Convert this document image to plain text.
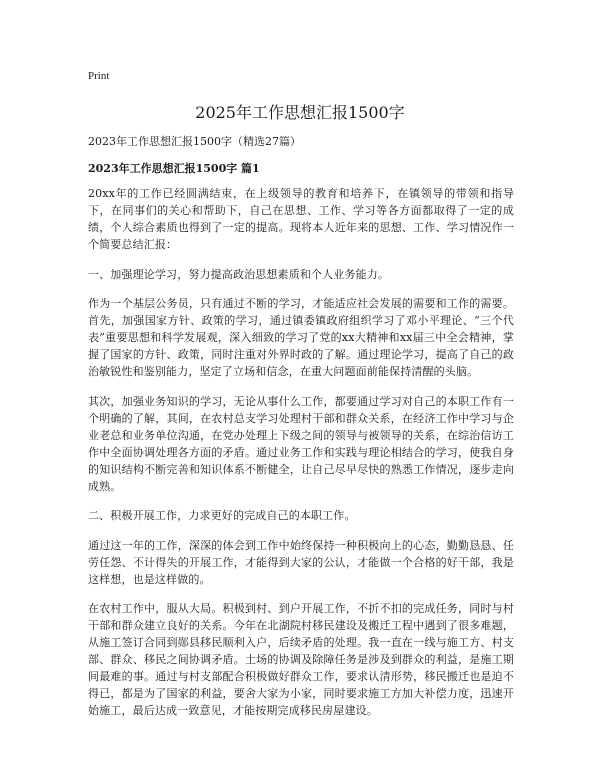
Print
2025年工作思想汇报1500字

2023年工作思想汇报1500字（精选27篇）

2023年工作思想汇报1500字 篇1

20xx年的工作已经圆满结束，在上级领导的教育和培养下，在镇领导的带领和指导下，在同事们的关心和帮助下，自己在思想、工作、学习等各方面都取得了一定的成绩，个人综合素质也得到了一定的提高。现将本人近年来的思想、工作、学习情况作一个简要总结汇报：

一、加强理论学习，努力提高政治思想素质和个人业务能力。

作为一个基层公务员，只有通过不断的学习，才能适应社会发展的需要和工作的需要。首先，加强国家方针、政策的学习，通过镇委镇政府组织学习了邓小平理论、“三个代表”重要思想和科学发展观，深入细致的学习了党的xx大精神和xx届三中全会精神，掌握了国家的方针、政策，同时注重对外界时政的了解。通过理论学习，提高了自己的政治敏锐性和鉴别能力，坚定了立场和信念，在重大问题面前能保持清醒的头脑。

其次，加强业务知识的学习，无论从事什么工作，都要通过学习对自己的本职工作有一个明确的了解，其间，在农村总支学习处理村干部和群众关系，在经济工作中学习与企业老总和业务单位沟通，在党办处理上下级之间的领导与被领导的关系，在综治信访工作中全面协调处理各方面的矛盾。通过业务工作和实践与理论相结合的学习，使我自身的知识结构不断完善和知识体系不断健全，让自己尽早尽快的熟悉工作情况，逐步走向成熟。

二、积极开展工作，力求更好的完成自己的本职工作。

通过这一年的工作，深深的体会到工作中始终保持一种积极向上的心态，勤勤恳恳、任劳任怨、不计得失的开展工作，才能得到大家的公认，才能做一个合格的好干部，我是这样想，也是这样做的。

在农村工作中，服从大局。积极到村、到户开展工作，不折不扣的完成任务，同时与村干部和群众建立良好的关系。今年在北湖院村移民建设及搬迁工程中遇到了很多难题，从施工签订合同到郧县移民顺利入户，后续矛盾的处理。我一直在一线与施工方、村支部、群众、移民之间协调矛盾。土场的协调及除障任务是涉及到群众的利益，是施工期间最难的事。通过与村支部配合积极做好群众工作，要求认清形势，移民搬迁也是迫不得已，都是为了国家的利益，要舍大家为小家，同时要求施工方加大补偿力度，迅速开始施工，最后达成一致意见，才能按期完成移民房屋建设。
